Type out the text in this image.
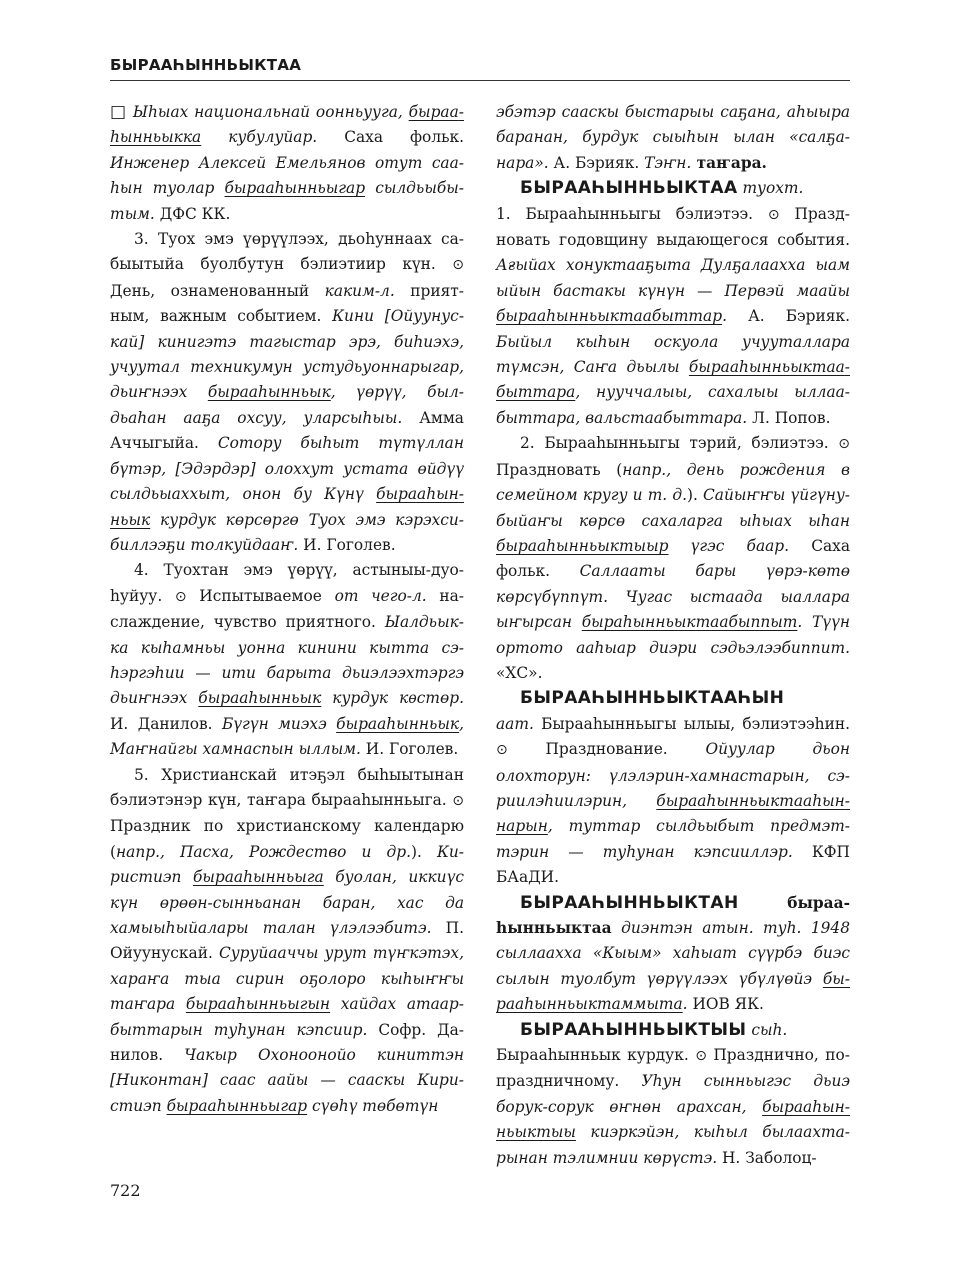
БЫРААҺЫННЬЫКТАА

□ Ыһыах национальнай оонньууга, бырааһынньыкка кубулуйар. Саха фольк. Инженер Алексей Емельянов отут сааһын туолар бырааһынньыгар сылдьыбытым. ДФС КК.

3. Туох эмэ үөрүүлээх, дьоһуннаах сабыытыйа буолбутун бэлиэтиир күн. ⊙ День, ознаменованный каким-л. приятным, важным событием. Кини [Ойуунускай] кинигэтэ тагыстар эрэ, биһиэхэ, учуутал техникумун устудьуоннарыгар, дьиҥнээх бырааһынньык, үөрүү, былдьаһан ааҕа охсуу, уларсыһыы. Амма Аччыгыйа. Сотору быһыт түтүллан бүтэр, [Эдэрдэр] олоххут устата өйдүү сылдьыаххыт, онон бу Күнү бырааһынньык курдук көрсөргө Туох эмэ кэрэхсибиллээҕи толкуйдааҥ. И. Гоголев.

4. Туохтан эмэ үөрүү, астыныы-дуоһуйуу. ⊙ Испытываемое от чего-л. наслаждение, чувство приятного. Ыалдьыкка кыһамньы уонна кинини кытта сэһэргэһии — ити барыта дьиэлээхтэргэ дьиҥнээх бырааһынньык курдук кѳстөр. И. Данилов. Бүгүн миэхэ бырааһынньык, Маҥнайгы хамнаспын ыллым. И. Гоголев.

5. Христианскай итэҕэл быһыытынан бэлиэтэнэр күн, таҥара бырааһынньыга. ⊙ Праздник по христианскому календарю (напр., Пасха, Рождество и др.). Киристиэп бырааһынньыга буолан, иккиүс күн өрөөн-сынньанан баран, хас да хамыыһыйалары талан үлэлээбитэ. П. Ойуунускай. Суруйааччы урут түҥкэтэх, хараҥа тыа сирин оҕолоро кыһыҥҥы таҥара бырааһынньыгын хайдах атаарбыттарын туһунан кэпсиир. Софр. Данилов. Чакыр Охоноонойо киниттэн [Никонтан] саас аайы — сааскы Киристиэп бырааһынньыгар сүөһү төбөтүн

эбэтэр сааскы быстарыы саҕана, аһыыра баранан, бурдук сыыһын ылан «салҕанара». А. Бэрияк. Тэҥн. таҥара.

БЫРААҺЫННЬЫКТАА туохт.
1. Бырааһынньыгы бэлиэтээ. ⊙ Праздновать годовщину выдающегося события. Ағыйах хонуктааҕыта Дулҕалааххa ыам ыйын бастакы күнүн — Первэй маайы бырааһынньыктаабыттар. А. Бэрияк. Быйыл кыһын оскуола учууталлара түмсэн, Саҥа дьылы бырааһынньыктаабыттара, нууччалыы, сахалыы ыллаабыттара, вальстаабыттара. Л. Попов.

2. Бырааһынньыгы тэрий, бэлиэтээ. ⊙ Праздновать (напр., день рождения в семейном кругу и т. д.). Сайыҥҥы үйгүну-быйаҥы көрсө сахаларга ыһыах ыһан бырааһынньыктыыр үгэс баар. Саха фольк. Саллааты бары үөрэ-көтө көрсүбүппүт. Чугас ыстаада ыаллара ыҥырсан быраһынньыктаабыппыт. Түүн ортото ааһыар диэри сэдьэлээбиппит. «ХС».

БЫРААҺЫННЬЫКТААҺЫН
аат. Бырааһынньыгы ылыы, бэлиэтээһин. ⊙ Празднование. Ойуулар дьон олохторун: үлэлэрин-хамнастарын, сэриилэһиилэрин, бырааһынньыктааһыннарын, туттар сылдьыбыт предмэттэрин — туһунан кэпсииллэр. КФП БАаДИ.

БЫРААҺЫННЬЫКТАН	бырааһынньыктаа диэнтэн атын. туһ. 1948 сыллааххa «Кыым» хаһыат сүүрбэ биэс сылын туолбут үөрүүлээх үбүлүөйэ бырааһынньыктаммыта. ИОВ ЯК.

БЫРААҺЫННЬЫКТЫЫ сыһ.
Бырааһынньык курдук. ⊙ Празднично, по-праздничному. Уһун сынньыгэс дьиэ борук-сорук өҥнөн арахсан, бырааһынньыктыы киэркэйэн, кыһыл былаахтарынан тэлимнии көрүстэ. Н. Заболоц-

722
